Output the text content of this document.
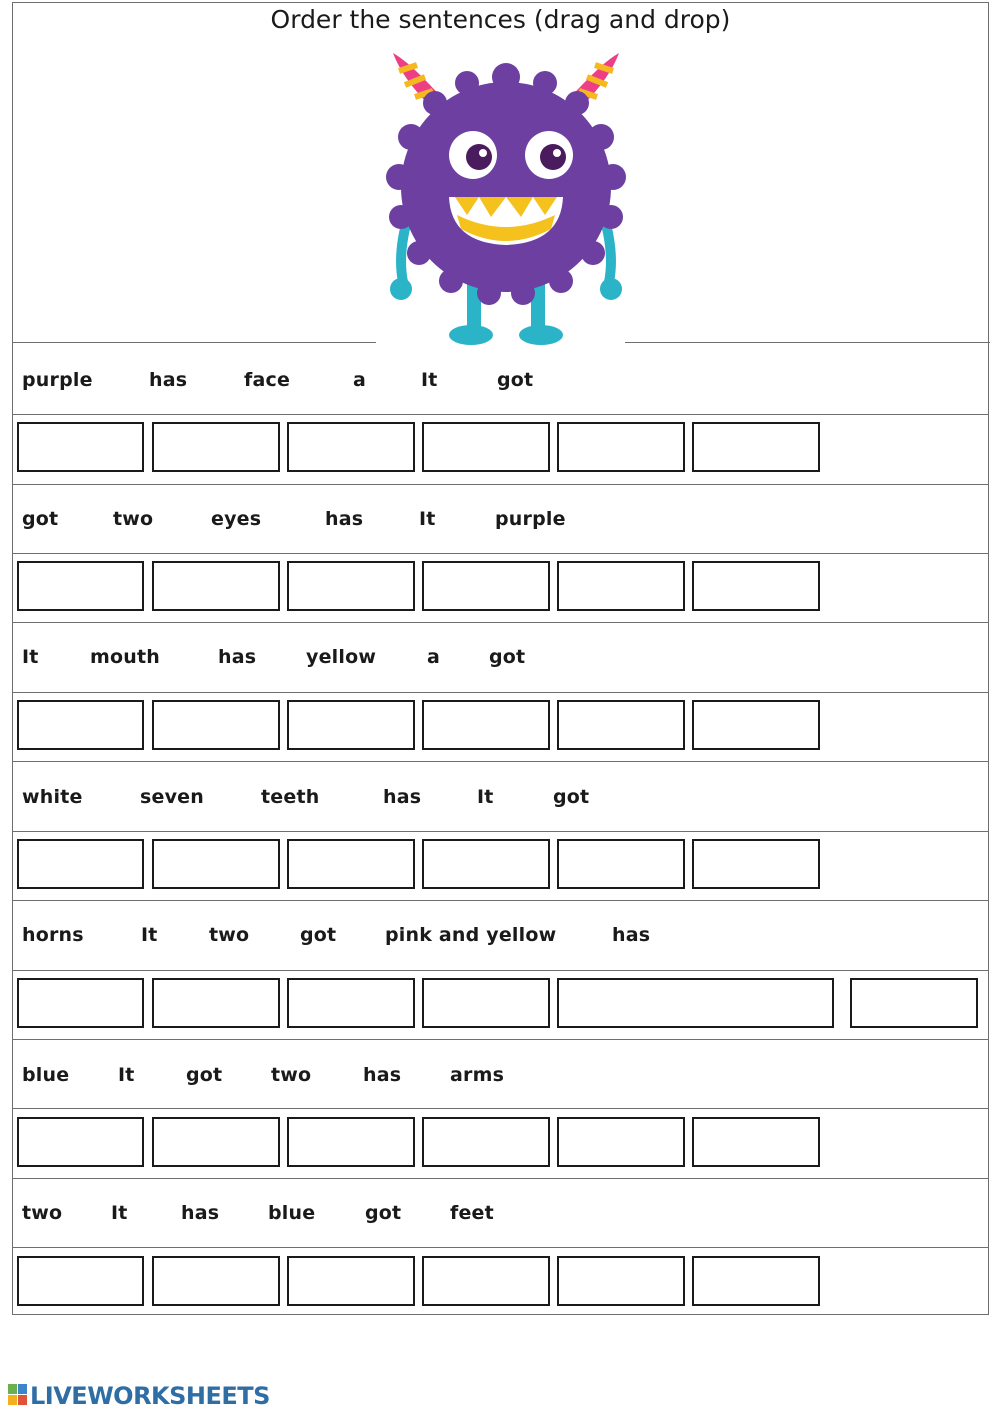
Order the sentences (drag and drop)
purple	has	face	a	It	got
got	two	eyes	has	It	purple
It	mouth	has	yellow	a	got
white	seven	teeth	has	It	got
horns	It	two	got	pink and yellow	has
blue	It	got	two	has	arms
two	It	has	blue	got	feet
LIVEWORKSHEETS
